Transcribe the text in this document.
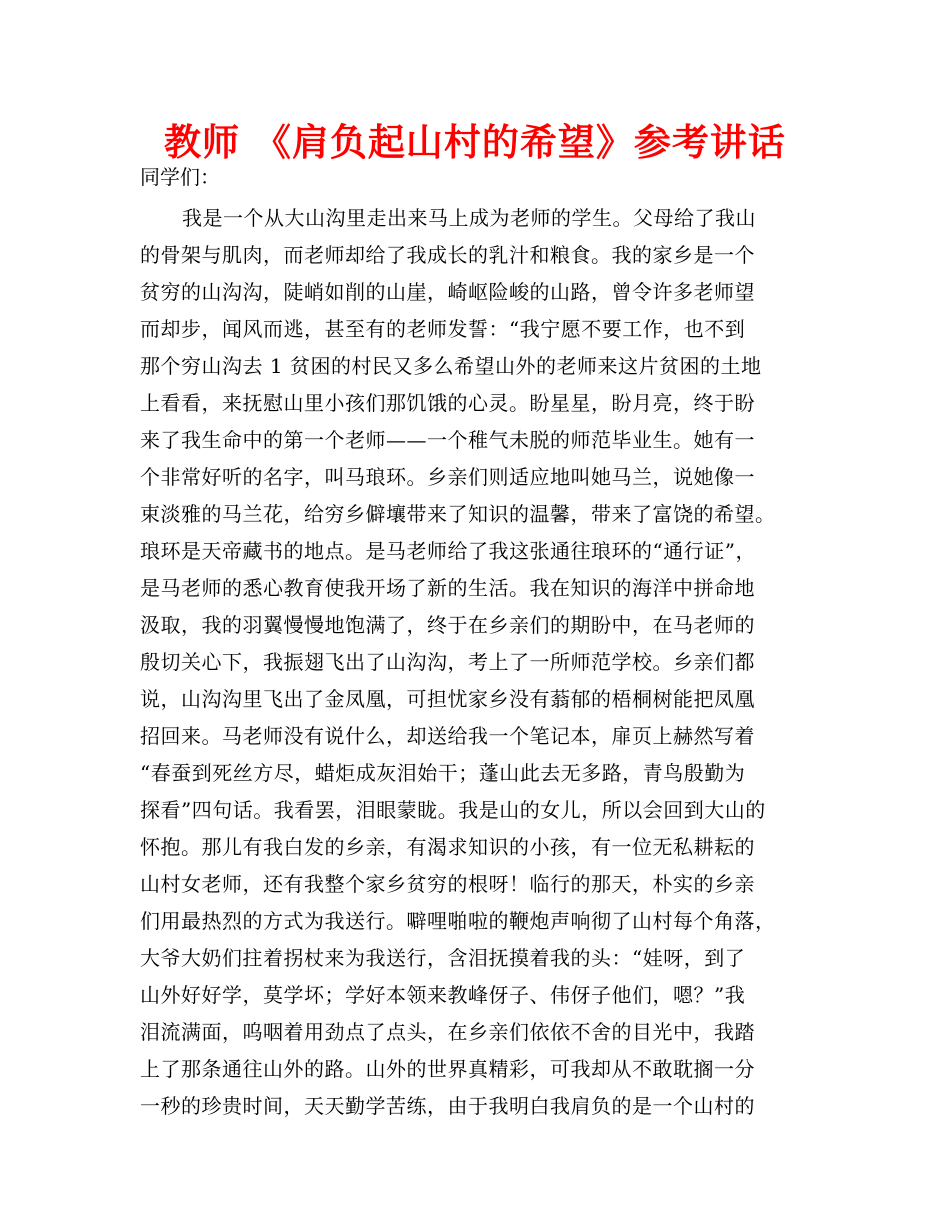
教师 《肩负起山村的希望》参考讲话
同学们：
我是一个从大山沟里走出来马上成为老师的学生。父母给了我山
的骨架与肌肉，而老师却给了我成长的乳汁和粮食。我的家乡是一个
贫穷的山沟沟，陡峭如削的山崖，崎岖险峻的山路，曾令许多老师望
而却步，闻风而逃，甚至有的老师发誓：“我宁愿不要工作，也不到
那个穷山沟去 1 贫困的村民又多么希望山外的老师来这片贫困的土地
上看看，来抚慰山里小孩们那饥饿的心灵。盼星星，盼月亮，终于盼
来了我生命中的第一个老师——一个稚气未脱的师范毕业生。她有一
个非常好听的名字，叫马琅环。乡亲们则适应地叫她马兰，说她像一
束淡雅的马兰花，给穷乡僻壤带来了知识的温馨，带来了富饶的希望。
琅环是天帝藏书的地点。是马老师给了我这张通往琅环的“通行证”，
是马老师的悉心教育使我开场了新的生活。我在知识的海洋中拼命地
汲取，我的羽翼慢慢地饱满了，终于在乡亲们的期盼中，在马老师的
殷切关心下，我振翅飞出了山沟沟，考上了一所师范学校。乡亲们都
说，山沟沟里飞出了金凤凰，可担忧家乡没有蓊郁的梧桐树能把凤凰
招回来。马老师没有说什么，却送给我一个笔记本，扉页上赫然写着
“春蚕到死丝方尽，蜡炬成灰泪始干；蓬山此去无多路，青鸟殷勤为
探看”四句话。我看罢，泪眼蒙眬。我是山的女儿，所以会回到大山的
怀抱。那儿有我白发的乡亲，有渴求知识的小孩，有一位无私耕耘的
山村女老师，还有我整个家乡贫穷的根呀！临行的那天，朴实的乡亲
们用最热烈的方式为我送行。噼哩啪啦的鞭炮声响彻了山村每个角落，
大爷大奶们拄着拐杖来为我送行，含泪抚摸着我的头：“娃呀，到了
山外好好学，莫学坏；学好本领来教峰伢子、伟伢子他们，嗯？”我
泪流满面，呜咽着用劲点了点头，在乡亲们依依不舍的目光中，我踏
上了那条通往山外的路。山外的世界真精彩，可我却从不敢耽搁一分
一秒的珍贵时间，天天勤学苦练，由于我明白我肩负的是一个山村的
